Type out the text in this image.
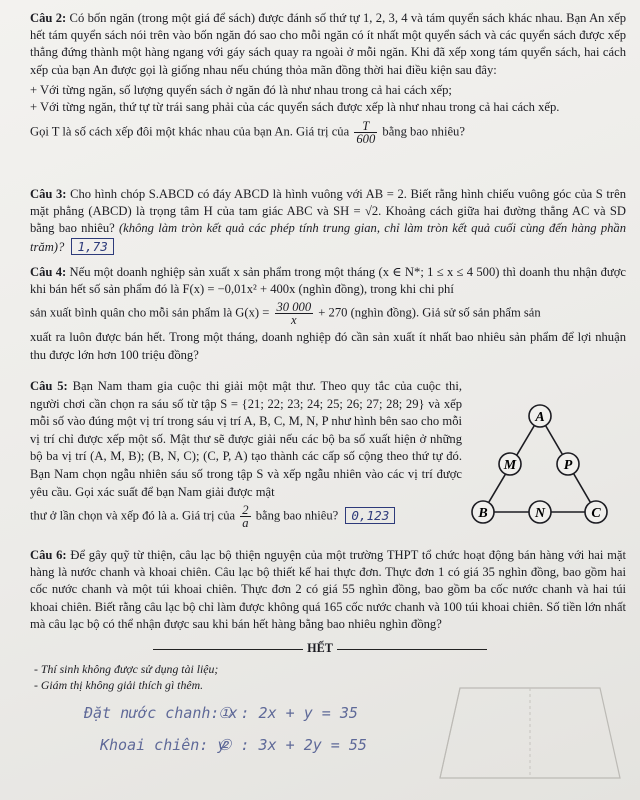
Câu 2: Có bốn ngăn (trong một giá để sách) được đánh số thứ tự 1, 2, 3, 4 và tám quyển sách khác nhau. Bạn An xếp hết tám quyển sách nói trên vào bốn ngăn đó sao cho mỗi ngăn có ít nhất một quyển sách và các quyển sách được xếp thẳng đứng thành một hàng ngang với gáy sách quay ra ngoài ở mỗi ngăn. Khi đã xếp xong tám quyển sách, hai cách xếp của bạn An được gọi là giống nhau nếu chúng thỏa mãn đồng thời hai điều kiện sau đây:

+ Với từng ngăn, số lượng quyển sách ở ngăn đó là như nhau trong cả hai cách xếp;

+ Với từng ngăn, thứ tự từ trái sang phải của các quyển sách được xếp là như nhau trong cả hai cách xếp.

Gọi T là số cách xếp đôi một khác nhau của bạn An. Giá trị của $\frac{T}{600}$ bằng bao nhiêu?

Câu 3: Cho hình chóp S.ABCD có đáy ABCD là hình vuông với AB = 2. Biết rằng hình chiếu vuông góc của S trên mặt phẳng (ABCD) là trọng tâm H của tam giác ABC và SH = √2. Khoảng cách giữa hai đường thẳng AC và SD bằng bao nhiêu? (không làm tròn kết quả các phép tính trung gian, chỉ làm tròn kết quả cuối cùng đến hàng phần trăm)? 1,73

Câu 4: Nếu một doanh nghiệp sản xuất x sản phẩm trong một tháng (x ∈ N*; 1 ≤ x ≤ 4 500) thì doanh thu nhận được khi bán hết số sản phẩm đó là F(x) = −0,01x² + 400x (nghìn đồng), trong khi chi phí

sản xuất bình quân cho mỗi sản phẩm là $G(x) = \frac{30 000}{x} + 270$ (nghìn đồng). Giả sử số sản phẩm sản

xuất ra luôn được bán hết. Trong một tháng, doanh nghiệp đó cần sản xuất ít nhất bao nhiêu sản phẩm để lợi nhuận thu được lớn hơn 100 triệu đồng?

Câu 5: Bạn Nam tham gia cuộc thi giải một mật thư. Theo quy tắc của cuộc thi, người chơi cần chọn ra sáu số từ tập S = {21; 22; 23; 24; 25; 26; 27; 28; 29} và xếp mỗi số vào đúng một vị trí trong sáu vị trí A, B, C, M, N, P như hình bên sao cho mỗi vị trí chỉ được xếp một số. Mật thư sẽ được giải nếu các bộ ba số xuất hiện ở những bộ ba vị trí (A, M, B); (B, N, C); (C, P, A) tạo thành các cấp số cộng theo thứ tự đó. Bạn Nam chọn ngẫu nhiên sáu số trong tập S và xếp ngẫu nhiên vào các vị trí được yêu cầu. Gọi xác suất để bạn Nam giải được mật

thư ở lần chọn và xếp đó là a. Giá trị của $\frac{2}{a}$ bằng bao nhiêu? 0,123

A
M	P
B	N	C

Câu 6: Để gây quỹ từ thiện, câu lạc bộ thiện nguyện của một trường THPT tổ chức hoạt động bán hàng với hai mặt hàng là nước chanh và khoai chiên. Câu lạc bộ thiết kế hai thực đơn. Thực đơn 1 có giá 35 nghìn đồng, bao gồm hai cốc nước chanh và một túi khoai chiên. Thực đơn 2 có giá 55 nghìn đồng, bao gồm ba cốc nước chanh và hai túi khoai chiên. Biết rằng câu lạc bộ chỉ làm được không quá 165 cốc nước chanh và 100 túi khoai chiên. Số tiền lớn nhất mà câu lạc bộ có thể nhận được sau khi bán hết hàng bằng bao nhiêu nghìn đồng?

HẾT
- Thí sinh không được sử dụng tài liệu;
- Giám thị không giải thích gì thêm.
Đặt nước chanh: x
Khoai chiên: y
① : 2x + y = 35
② : 3x + 2y = 55
